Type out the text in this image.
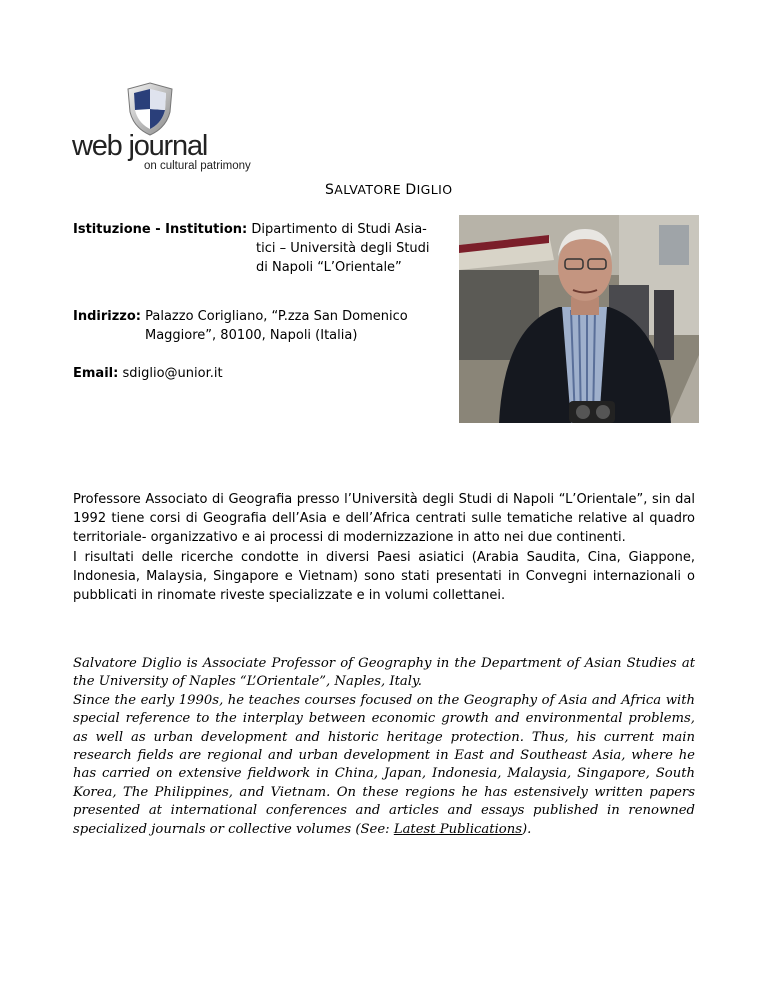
web journal
on cultural patrimony
SALVATORE DIGLIO
Istituzione - Institution: Dipartimento di Studi Asia-
tici – Università degli Studi
di Napoli “L’Orientale”
Indirizzo: Palazzo Corigliano, “P.zza San Domenico
Maggiore”, 80100, Napoli (Italia)
Email: sdiglio@unior.it
Professore Associato di Geografia presso l’Università degli Studi di Napoli “L’Orientale”, sin dal 1992 tiene corsi di Geografia dell’Asia e dell’Africa centrati sulle tematiche relative al quadro territoriale- organizzativo e ai processi di modernizzazione in atto nei due continenti.
I risultati delle ricerche condotte in diversi Paesi asiatici (Arabia Saudita, Cina, Giappone, Indonesia, Malaysia, Singapore e Vietnam) sono stati presentati in Convegni internazionali o pubblicati in rinomate riveste specializzate e in volumi collettanei.
Salvatore Diglio is Associate Professor of Geography in the Department of Asian Studies at the University of Naples “L’Orientale”, Naples, Italy.
Since the early 1990s, he teaches courses focused on the Geography of Asia and Africa with special reference to the interplay between economic growth and environmental problems, as well as urban development and historic heritage protection. Thus, his current main research fields are regional and urban development in East and Southeast Asia, where he has carried on extensive fieldwork in China, Japan, Indonesia, Malaysia, Singapore, South Korea, The Philippines, and Vietnam. On these regions he has estensively written papers presented at international conferences and articles and essays published in renowned specialized journals or collective volumes (See: Latest Publications).
